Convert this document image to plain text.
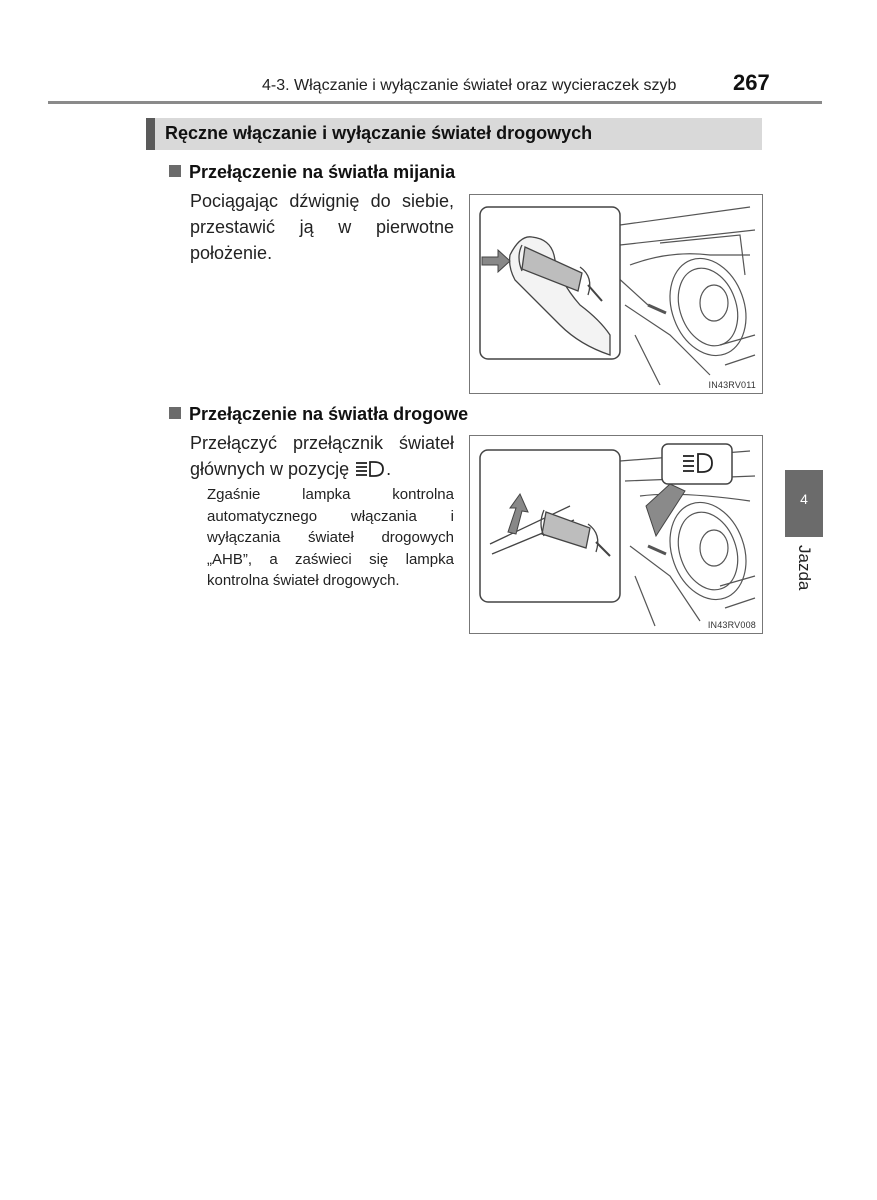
4-3. Włączanie i wyłączanie świateł oraz wycieraczek szyb	267
Ręczne włączanie i wyłączanie świateł drogowych
Przełączenie na światła mijania
Pociągając dźwignię do siebie, przestawić ją w pierwotne położenie.
IN43RV011
Przełączenie na światła drogowe
Przełączyć przełącznik świateł głównych w pozycję .
Zgaśnie lampka kontrolna automatycznego włączania i wyłączania świateł drogowych „AHB”, a zaświeci się lampka kontrolna świateł drogowych.
IN43RV008
4
Jazda
